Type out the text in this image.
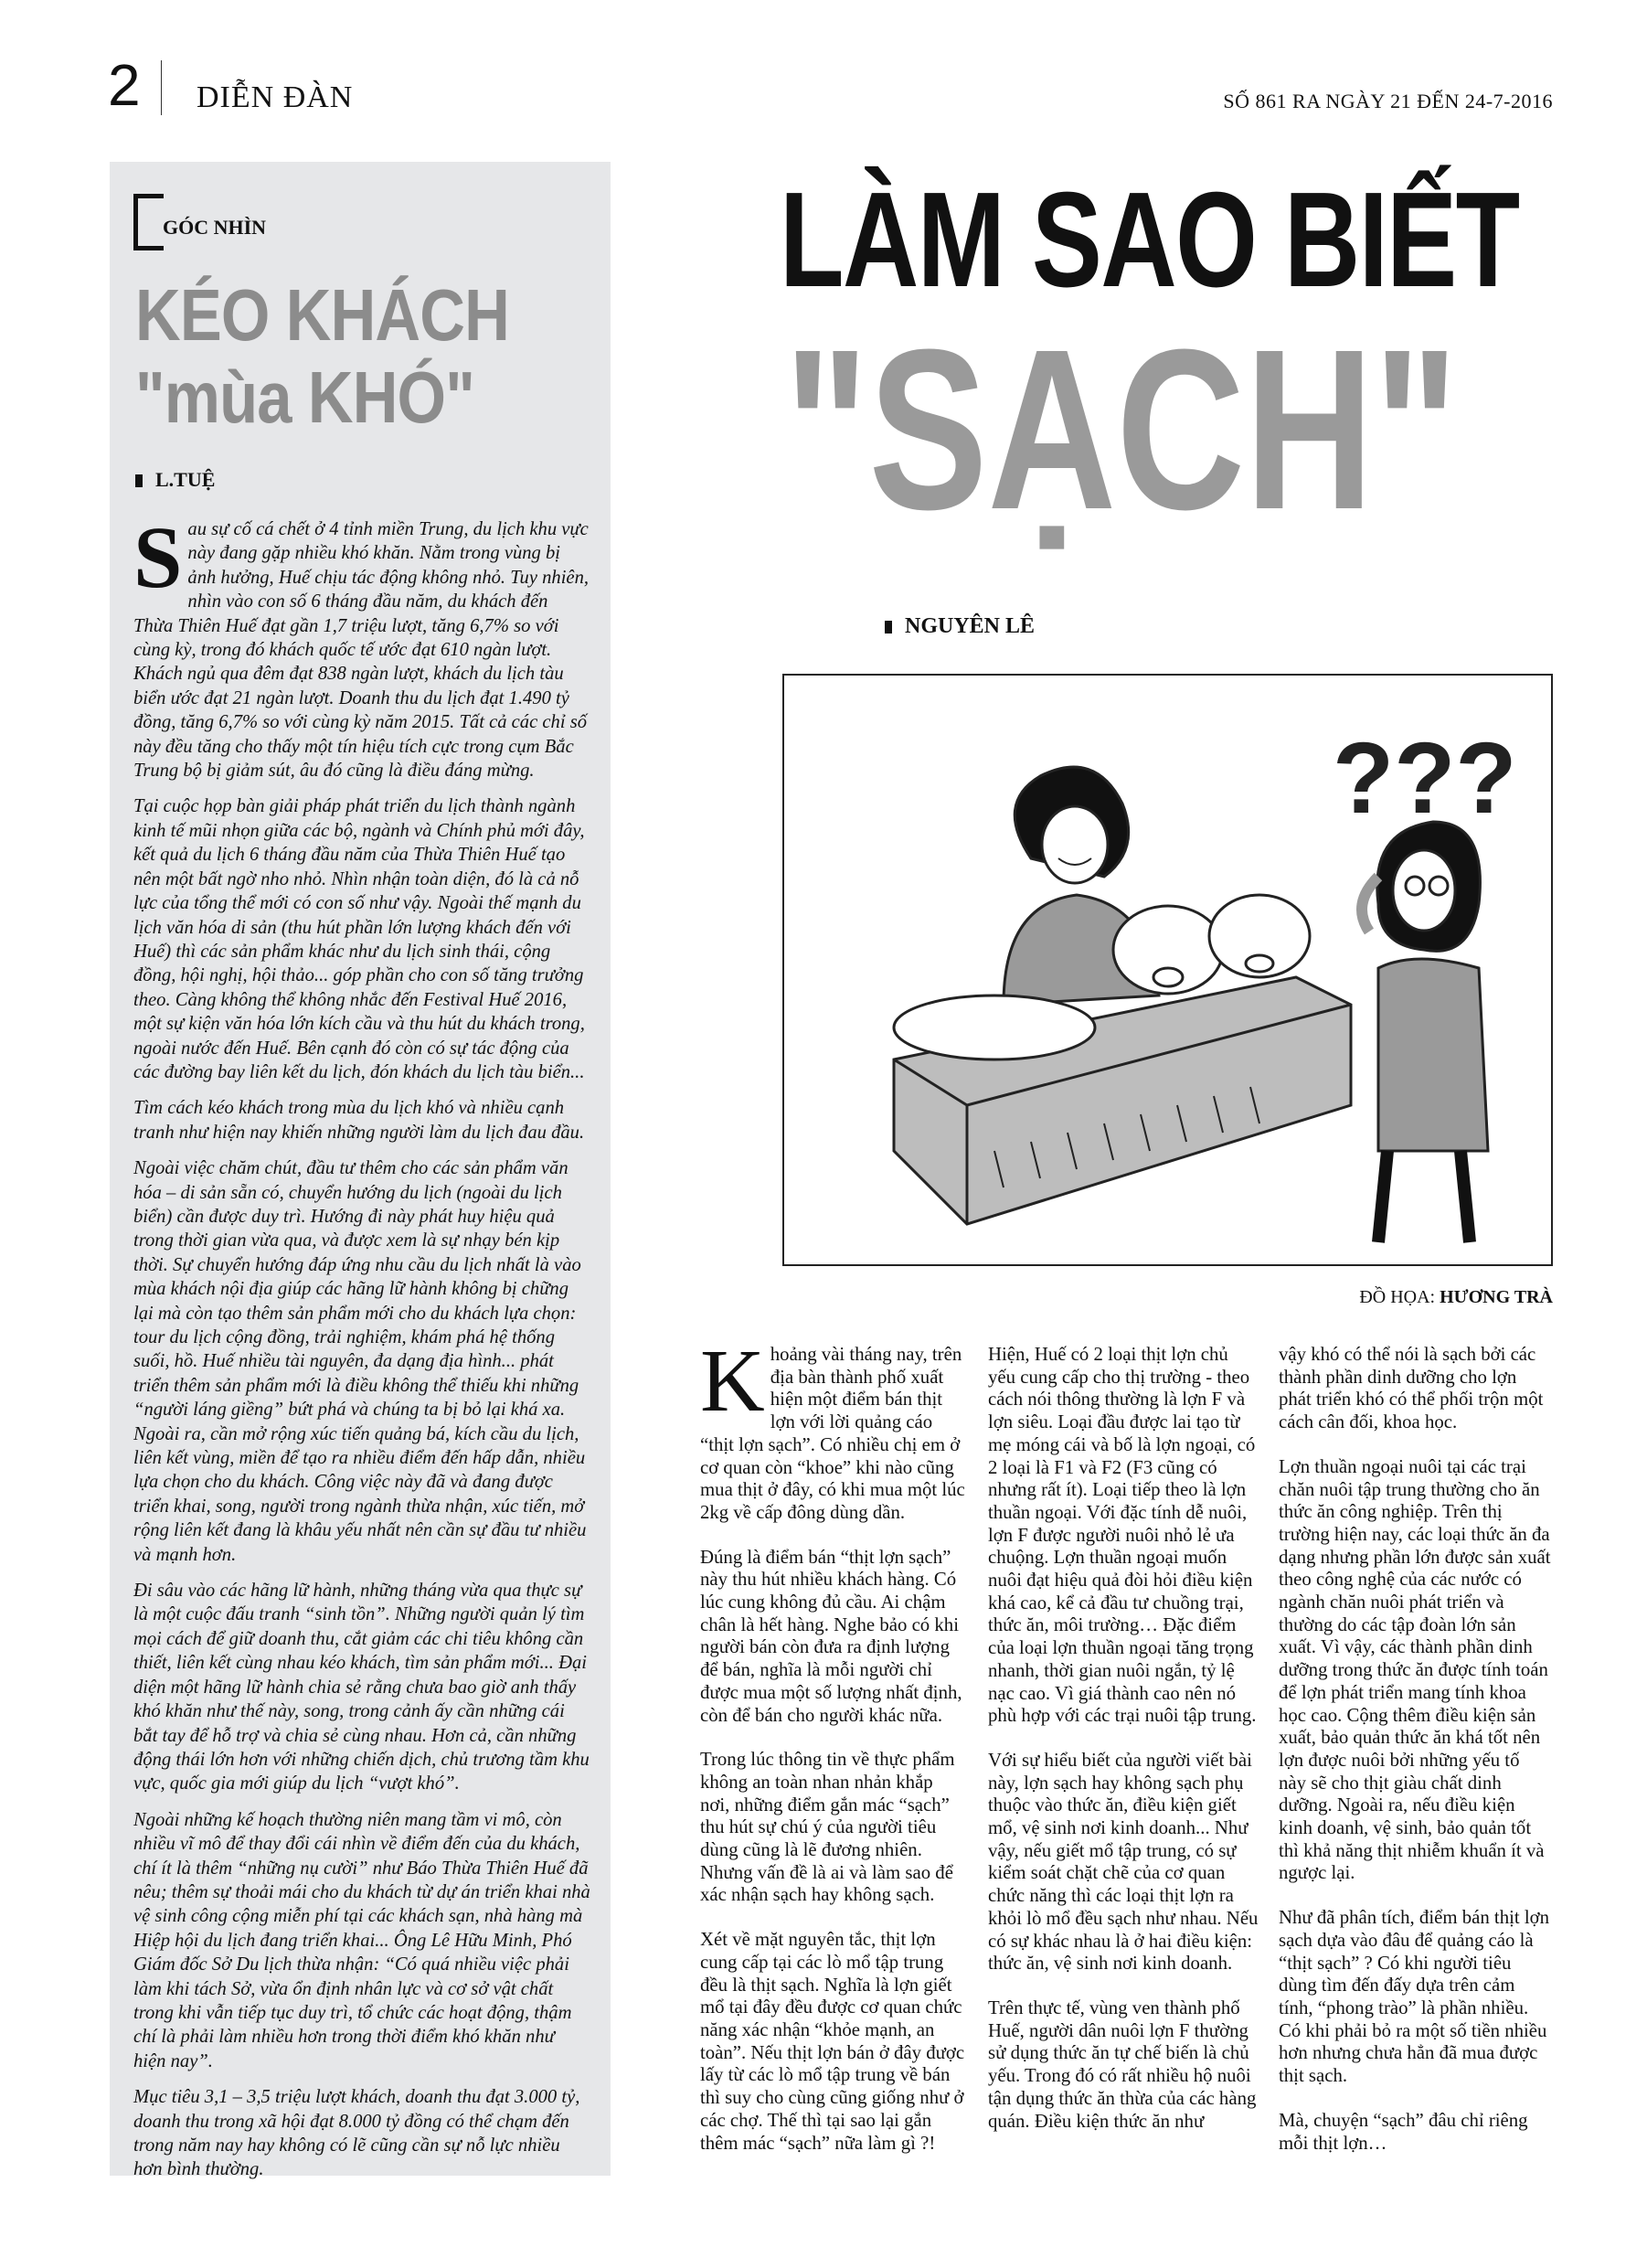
2 DIỄN ĐÀN	SỐ 861 RA NGÀY 21 ĐẾN 24-7-2016
GÓC NHÌN
KÉO KHÁCH
"mùa KHÓ"
L.TUỆ

Sau sự cố cá chết ở 4 tỉnh miền Trung, du lịch khu vực này đang gặp nhiều khó khăn. Nằm trong vùng bị ảnh hưởng, Huế chịu tác động không nhỏ. Tuy nhiên, nhìn vào con số 6 tháng đầu năm, du khách đến Thừa Thiên Huế đạt gần 1,7 triệu lượt, tăng 6,7% so với cùng kỳ, trong đó khách quốc tế ước đạt 610 ngàn lượt. Khách ngủ qua đêm đạt 838 ngàn lượt, khách du lịch tàu biển ước đạt 21 ngàn lượt. Doanh thu du lịch đạt 1.490 tỷ đồng, tăng 6,7% so với cùng kỳ năm 2015. Tất cả các chỉ số này đều tăng cho thấy một tín hiệu tích cực trong cụm Bắc Trung bộ bị giảm sút, âu đó cũng là điều đáng mừng.

Tại cuộc họp bàn giải pháp phát triển du lịch thành ngành kinh tế mũi nhọn giữa các bộ, ngành và Chính phủ mới đây, kết quả du lịch 6 tháng đầu năm của Thừa Thiên Huế tạo nên một bất ngờ nho nhỏ. Nhìn nhận toàn diện, đó là cả nỗ lực của tổng thể mới có con số như vậy. Ngoài thế mạnh du lịch văn hóa di sản (thu hút phần lớn lượng khách đến với Huế) thì các sản phẩm khác như du lịch sinh thái, cộng đồng, hội nghị, hội thảo... góp phần cho con số tăng trưởng theo. Càng không thể không nhắc đến Festival Huế 2016, một sự kiện văn hóa lớn kích cầu và thu hút du khách trong, ngoài nước đến Huế. Bên cạnh đó còn có sự tác động của các đường bay liên kết du lịch, đón khách du lịch tàu biển...

Tìm cách kéo khách trong mùa du lịch khó và nhiều cạnh tranh như hiện nay khiến những người làm du lịch đau đầu.

Ngoài việc chăm chút, đầu tư thêm cho các sản phẩm văn hóa – di sản sẵn có, chuyển hướng du lịch (ngoài du lịch biển) cần được duy trì. Hướng đi này phát huy hiệu quả trong thời gian vừa qua, và được xem là sự nhạy bén kịp thời. Sự chuyển hướng đáp ứng nhu cầu du lịch nhất là vào mùa khách nội địa giúp các hãng lữ hành không bị chững lại mà còn tạo thêm sản phẩm mới cho du khách lựa chọn: tour du lịch cộng đồng, trải nghiệm, khám phá hệ thống suối, hồ. Huế nhiều tài nguyên, đa dạng địa hình... phát triển thêm sản phẩm mới là điều không thể thiếu khi những “người láng giềng” bứt phá và chúng ta bị bỏ lại khá xa. Ngoài ra, cần mở rộng xúc tiến quảng bá, kích cầu du lịch, liên kết vùng, miền để tạo ra nhiều điểm đến hấp dẫn, nhiều lựa chọn cho du khách. Công việc này đã và đang được triển khai, song, người trong ngành thừa nhận, xúc tiến, mở rộng liên kết đang là khâu yếu nhất nên cần sự đầu tư nhiều và mạnh hơn.

Đi sâu vào các hãng lữ hành, những tháng vừa qua thực sự là một cuộc đấu tranh “sinh tồn”. Những người quản lý tìm mọi cách để giữ doanh thu, cắt giảm các chi tiêu không cần thiết, liên kết cùng nhau kéo khách, tìm sản phẩm mới... Đại diện một hãng lữ hành chia sẻ rằng chưa bao giờ anh thấy khó khăn như thế này, song, trong cảnh ấy cần những cái bắt tay để hỗ trợ và chia sẻ cùng nhau. Hơn cả, cần những động thái lớn hơn với những chiến dịch, chủ trương tầm khu vực, quốc gia mới giúp du lịch “vượt khó”.

Ngoài những kế hoạch thường niên mang tầm vi mô, còn nhiều vĩ mô để thay đổi cái nhìn về điểm đến của du khách, chí ít là thêm “những nụ cười” như Báo Thừa Thiên Huế đã nêu; thêm sự thoải mái cho du khách từ dự án triển khai nhà vệ sinh công cộng miễn phí tại các khách sạn, nhà hàng mà Hiệp hội du lịch đang triển khai... Ông Lê Hữu Minh, Phó Giám đốc Sở Du lịch thừa nhận: “Có quá nhiều việc phải làm khi tách Sở, vừa ổn định nhân lực và cơ sở vật chất trong khi vẫn tiếp tục duy trì, tổ chức các hoạt động, thậm chí là phải làm nhiều hơn trong thời điểm khó khăn như hiện nay”.

Mục tiêu 3,1 – 3,5 triệu lượt khách, doanh thu đạt 3.000 tỷ, doanh thu trong xã hội đạt 8.000 tỷ đồng có thể chạm đến trong năm nay hay không có lẽ cũng cần sự nỗ lực nhiều hơn bình thường.

LÀM SAO BIẾT
"SẠCH"
NGUYÊN LÊ
???
ĐỒ HỌA: HƯƠNG TRÀ

Khoảng vài tháng nay, trên địa bàn thành phố xuất hiện một điểm bán thịt lợn với lời quảng cáo “thịt lợn sạch”. Có nhiều chị em ở cơ quan còn “khoe” khi nào cũng mua thịt ở đây, có khi mua một lúc 2kg về cấp đông dùng dần.

Đúng là điểm bán “thịt lợn sạch” này thu hút nhiều khách hàng. Có lúc cung không đủ cầu. Ai chậm chân là hết hàng. Nghe bảo có khi người bán còn đưa ra định lượng để bán, nghĩa là mỗi người chỉ được mua một số lượng nhất định, còn để bán cho người khác nữa.

Trong lúc thông tin về thực phẩm không an toàn nhan nhản khắp nơi, những điểm gắn mác “sạch” thu hút sự chú ý của người tiêu dùng cũng là lẽ đương nhiên. Nhưng vấn đề là ai và làm sao để xác nhận sạch hay không sạch.

Xét về mặt nguyên tắc, thịt lợn cung cấp tại các lò mổ tập trung đều là thịt sạch. Nghĩa là lợn giết mổ tại đây đều được cơ quan chức năng xác nhận “khỏe mạnh, an toàn”. Nếu thịt lợn bán ở đây được lấy từ các lò mổ tập trung về bán thì suy cho cùng cũng giống như ở các chợ. Thế thì tại sao lại gắn thêm mác “sạch” nữa làm gì ?!

Hiện, Huế có 2 loại thịt lợn chủ yếu cung cấp cho thị trường - theo cách nói thông thường là lợn F và lợn siêu. Loại đầu được lai tạo từ mẹ móng cái và bố là lợn ngoại, có 2 loại là F1 và F2 (F3 cũng có nhưng rất ít). Loại tiếp theo là lợn thuần ngoại. Với đặc tính dễ nuôi, lợn F được người nuôi nhỏ lẻ ưa chuộng. Lợn thuần ngoại muốn nuôi đạt hiệu quả đòi hỏi điều kiện khá cao, kể cả đầu tư chuồng trại, thức ăn, môi trường… Đặc điểm của loại lợn thuần ngoại tăng trọng nhanh, thời gian nuôi ngắn, tỷ lệ nạc cao. Vì giá thành cao nên nó phù hợp với các trại nuôi tập trung.

Với sự hiểu biết của người viết bài này, lợn sạch hay không sạch phụ thuộc vào thức ăn, điều kiện giết mổ, vệ sinh nơi kinh doanh... Như vậy, nếu giết mổ tập trung, có sự kiểm soát chặt chẽ của cơ quan chức năng thì các loại thịt lợn ra khỏi lò mổ đều sạch như nhau. Nếu có sự khác nhau là ở hai điều kiện: thức ăn, vệ sinh nơi kinh doanh.

Trên thực tế, vùng ven thành phố Huế, người dân nuôi lợn F thường sử dụng thức ăn tự chế biến là chủ yếu. Trong đó có rất nhiều hộ nuôi tận dụng thức ăn thừa của các hàng quán. Điều kiện thức ăn như

vậy khó có thể nói là sạch bởi các thành phần dinh dưỡng cho lợn phát triển khó có thể phối trộn một cách cân đối, khoa học.

Lợn thuần ngoại nuôi tại các trại chăn nuôi tập trung thường cho ăn thức ăn công nghiệp. Trên thị trường hiện nay, các loại thức ăn đa dạng nhưng phần lớn được sản xuất theo công nghệ của các nước có ngành chăn nuôi phát triển và thường do các tập đoàn lớn sản xuất. Vì vậy, các thành phần dinh dưỡng trong thức ăn được tính toán để lợn phát triển mang tính khoa học cao. Cộng thêm điều kiện sản xuất, bảo quản thức ăn khá tốt nên lợn được nuôi bởi những yếu tố này sẽ cho thịt giàu chất dinh dưỡng. Ngoài ra, nếu điều kiện kinh doanh, vệ sinh, bảo quản tốt thì khả năng thịt nhiễm khuẩn ít và ngược lại.

Như đã phân tích, điểm bán thịt lợn sạch dựa vào đâu để quảng cáo là “thịt sạch” ? Có khi người tiêu dùng tìm đến đấy dựa trên cảm tính, “phong trào” là phần nhiều. Có khi phải bỏ ra một số tiền nhiều hơn nhưng chưa hẳn đã mua được thịt sạch.

Mà, chuyện “sạch” đâu chỉ riêng mỗi thịt lợn…
